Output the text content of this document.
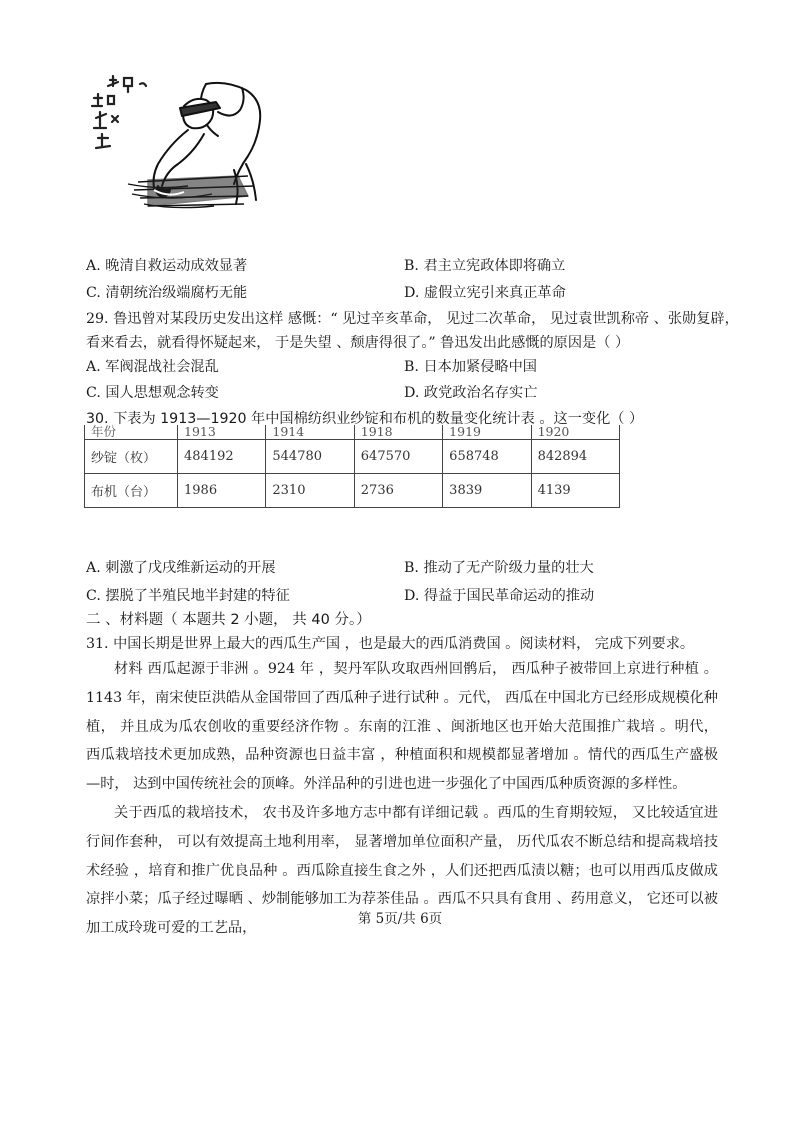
A. 晚清自救运动成效显著	B. 君主立宪政体即将确立
C. 清朝统治级端腐朽无能	D. 虚假立宪引来真正革命
29. 鲁迅曾对某段历史发出这样 感慨：“ 见过辛亥革命， 见过二次革命， 见过袁世凯称帝 、张勋复辟，
看来看去，就看得怀疑起来， 于是失望 、颓唐得很了。” 鲁迅发出此感慨的原因是（ ）
A. 军阀混战社会混乱	B. 日本加紧侵略中国
C. 国人思想观念转变	D. 政党政治名存实亡
30. 下表为 1913—1920 年中国棉纺织业纱锭和布机的数量变化统计表 。这一变化（ ）
年份	1913	1914	1918	1919	1920
纱锭（枚）	484192	544780	647570	658748	842894
布机（台）	1986	2310	2736	3839	4139
A. 刺激了戊戌维新运动的开展	B. 推动了无产阶级力量的壮大
C. 摆脱了半殖民地半封建的特征	D. 得益于国民革命运动的推动
二 、材料题（ 本题共 2 小题， 共 40 分。）
31. 中国长期是世界上最大的西瓜生产国 ，也是最大的西瓜消费国 。阅读材料， 完成下列要求。

材料 西瓜起源于非洲 。924 年 ，契丹军队攻取西州回鹘后， 西瓜种子被带回上京进行种植 。1143 年，南宋使臣洪皓从金国带回了西瓜种子进行试种 。元代， 西瓜在中国北方已经形成规模化种植， 并且成为瓜农创收的重要经济作物 。东南的江淮 、闽浙地区也开始大范围推广栽培 。明代， 西瓜栽培技术更加成熟，品种资源也日益丰富 ，种植面积和规模都显著增加 。情代的西瓜生产盛极—时， 达到中国传统社会的顶峰。外洋品种的引进也进一步强化了中国西瓜种质资源的多样性。

关于西瓜的栽培技术， 农书及许多地方志中都有详细记载 。西瓜的生育期较短， 又比较适宜进行间作套种， 可以有效提高土地利用率， 显著增加单位面积产量， 历代瓜农不断总结和提高栽培技术经验 ，培育和推广优良品种 。西瓜除直接生食之外 ，人们还把西瓜渍以糖；也可以用西瓜皮做成凉拌小菜；瓜子经过曝晒 、炒制能够加工为荐茶佳品 。西瓜不只具有食用 、药用意义， 它还可以被加工成玲珑可爱的工艺品，

第 5页/共 6页
